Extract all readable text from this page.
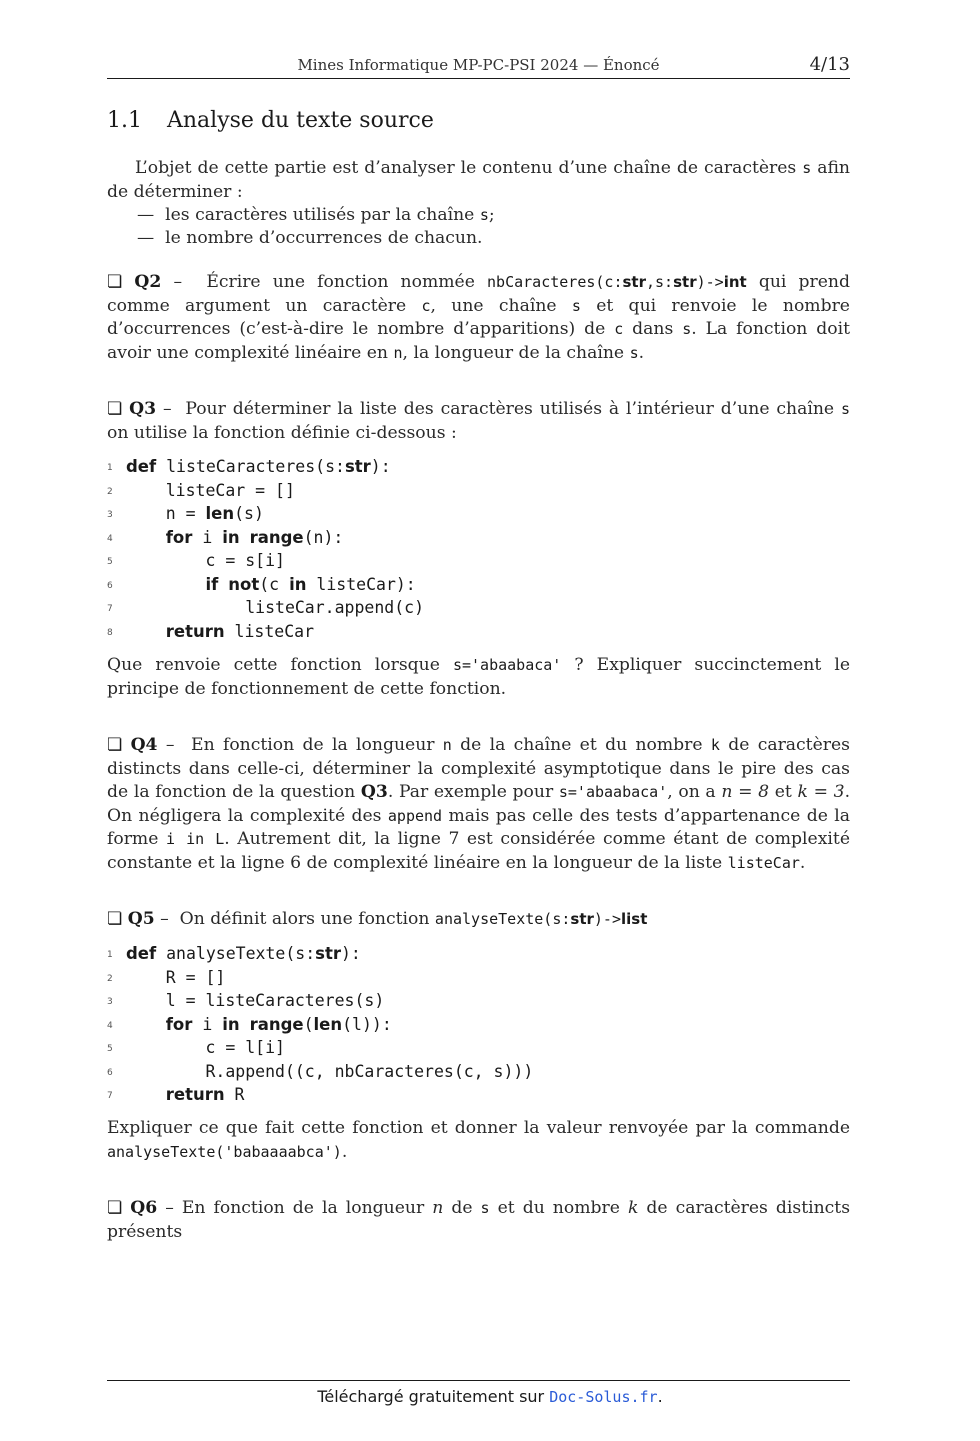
Mines Informatique MP-PC-PSI 2024 — Énoncé	4/13
1.1 Analyse du texte source
L’objet de cette partie est d’analyser le contenu d’une chaîne de caractères s afin de déterminer :
— les caractères utilisés par la chaîne s;
— le nombre d’occurrences de chacun.
❏ Q2 – Écrire une fonction nommée nbCaracteres(c:str,s:str)->int qui prend comme argument un caractère c, une chaîne s et qui renvoie le nombre d’occurrences (c’est-à-dire le nombre d’apparitions) de c dans s. La fonction doit avoir une complexité linéaire en n, la longueur de la chaîne s.
❏ Q3 – Pour déterminer la liste des caractères utilisés à l’intérieur d’une chaîne s on utilise la fonction définie ci-dessous :
1 def listeCaracteres(s:str):
2 listeCar = []
3 n = len(s)
4	for i in range(n):
5 c = s[i]
6	if not(c in listeCar):
7 listeCar.append(c)
8	return listeCar
Que renvoie cette fonction lorsque s='abaabaca' ? Expliquer succinctement le principe de fonctionnement de cette fonction.
❏ Q4 – En fonction de la longueur n de la chaîne et du nombre k de caractères distincts dans celle-ci, déterminer la complexité asymptotique dans le pire des cas de la fonction de la question Q3. Par exemple pour s='abaabaca', on a n = 8 et k = 3. On négligera la complexité des append mais pas celle des tests d’appartenance de la forme i in L. Autrement dit, la ligne 7 est considérée comme étant de complexité constante et la ligne 6 de complexité linéaire en la longueur de la liste listeCar.
❏ Q5 – On définit alors une fonction analyseTexte(s:str)->list
1 def analyseTexte(s:str):
2 R = []
3 l = listeCaracteres(s)
4	for i in range(len(l)):
5 c = l[i]
6 R.append((c, nbCaracteres(c, s)))
7	return R
Expliquer ce que fait cette fonction et donner la valeur renvoyée par la commande analyseTexte('babaaaabca').
❏ Q6 – En fonction de la longueur n de s et du nombre k de caractères distincts présents
Téléchargé gratuitement sur Doc-Solus.fr.
